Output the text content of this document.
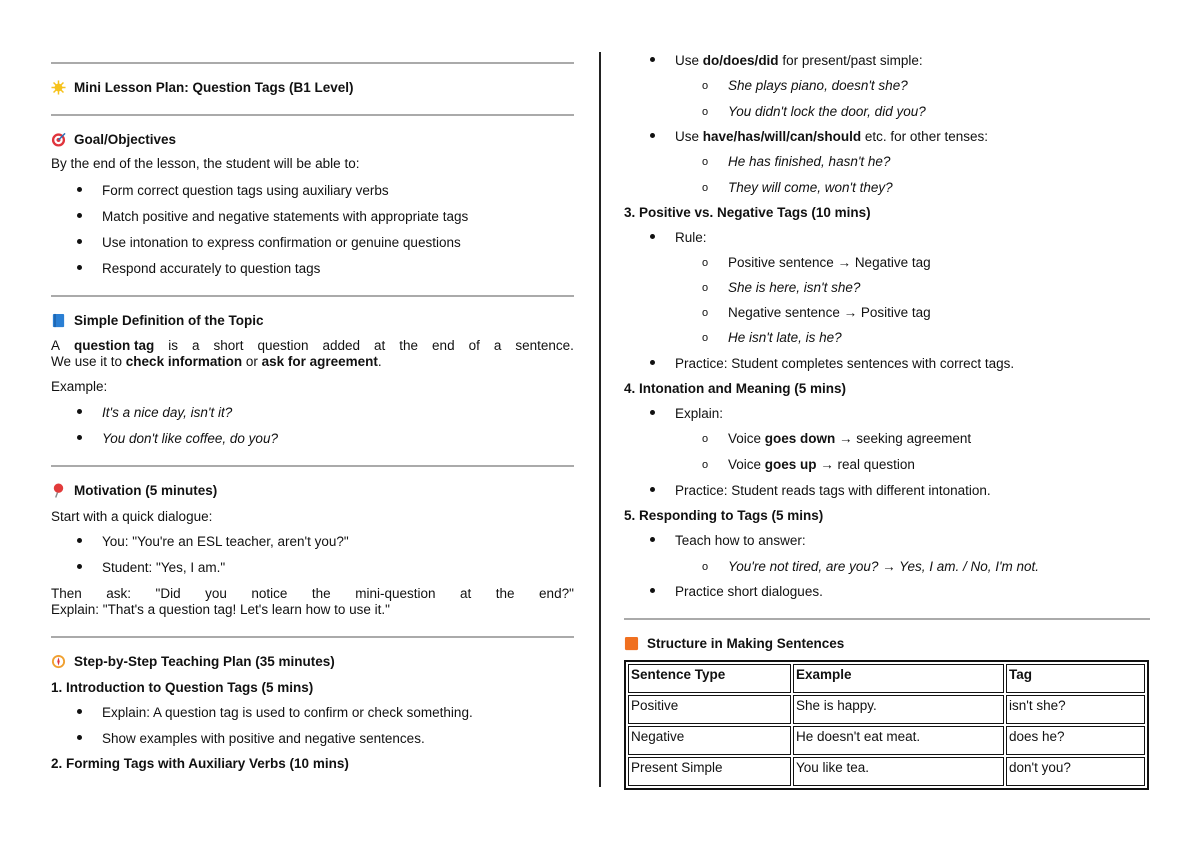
Mini Lesson Plan: Question Tags (B1 Level)
Goal/Objectives
By the end of the lesson, the student will be able to:
Form correct question tags using auxiliary verbs
Match positive and negative statements with appropriate tags
Use intonation to express confirmation or genuine questions
Respond accurately to question tags
Simple Definition of the Topic
A question tag is a short question added at the end of a sentence.
We use it to check information or ask for agreement.
Example:
It's a nice day, isn't it?
You don't like coffee, do you?
Motivation (5 minutes)
Start with a quick dialogue:
You: "You're an ESL teacher, aren't you?"
Student: "Yes, I am."
Then ask: "Did you notice the mini-question at the end?"
Explain: "That's a question tag! Let's learn how to use it."
Step-by-Step Teaching Plan (35 minutes)
1. Introduction to Question Tags (5 mins)
Explain: A question tag is used to confirm or check something.
Show examples with positive and negative sentences.
2. Forming Tags with Auxiliary Verbs (10 mins)
Use do/does/did for present/past simple:
o She plays piano, doesn't she?
o You didn't lock the door, did you?
Use have/has/will/can/should etc. for other tenses:
o He has finished, hasn't he?
o They will come, won't they?
3. Positive vs. Negative Tags (10 mins)
Rule:
o Positive sentence → Negative tag
o She is here, isn't she?
o Negative sentence → Positive tag
o He isn't late, is he?
Practice: Student completes sentences with correct tags.
4. Intonation and Meaning (5 mins)
Explain:
o Voice goes down → seeking agreement
o Voice goes up → real question
Practice: Student reads tags with different intonation.
5. Responding to Tags (5 mins)
Teach how to answer:
o You're not tired, are you? → Yes, I am. / No, I'm not.
Practice short dialogues.
Structure in Making Sentences
Sentence Type	Example	Tag
Positive	She is happy.	isn't she?
Negative	He doesn't eat meat.	does he?
Present Simple	You like tea.	don't you?
